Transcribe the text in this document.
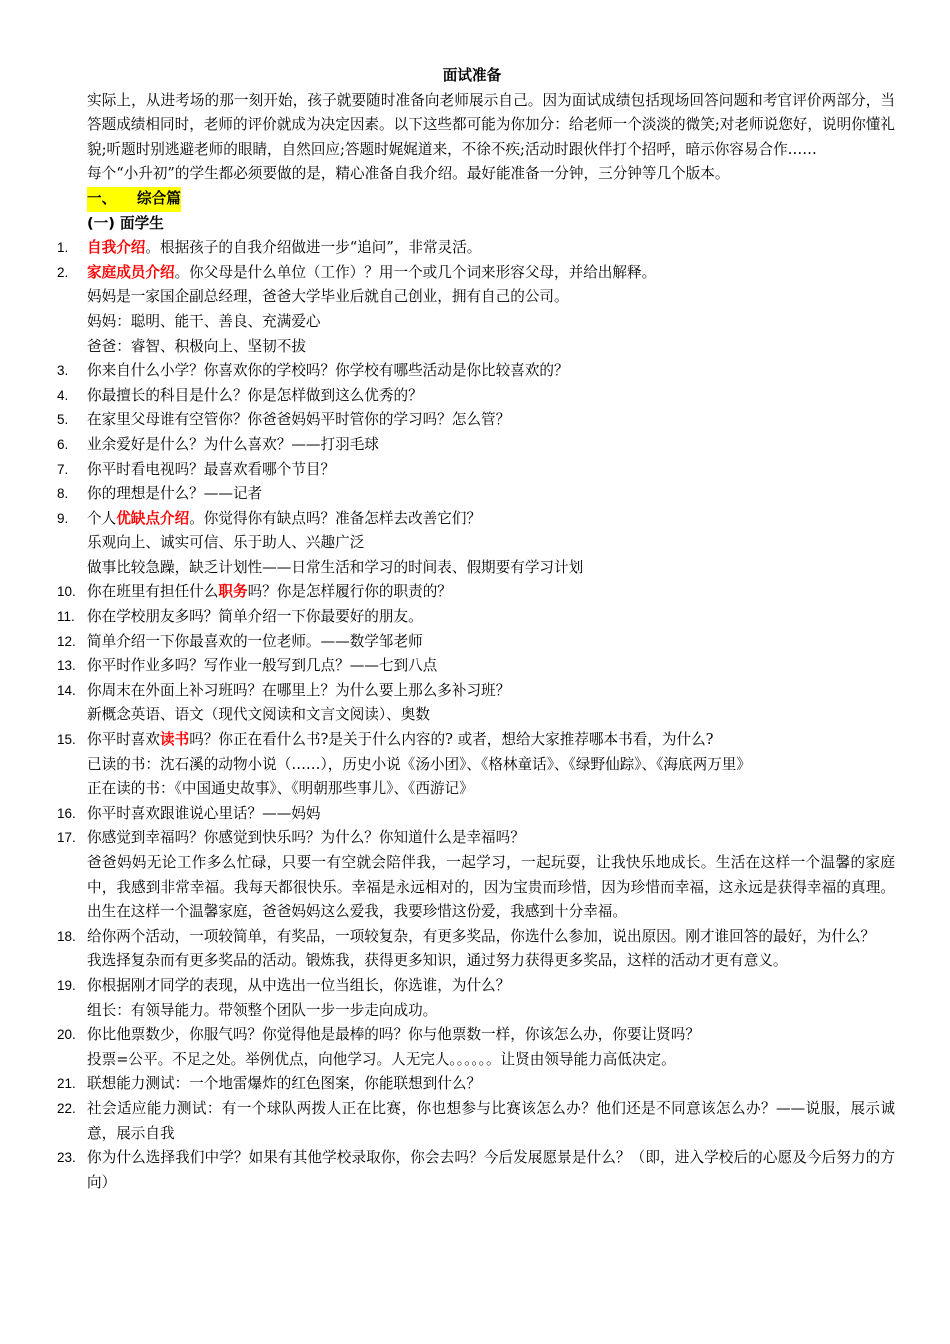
面试准备
实际上，从进考场的那一刻开始，孩子就要随时准备向老师展示自己。因为面试成绩包括现场回答问题和考官评价两部分，当答题成绩相同时，老师的评价就成为决定因素。以下这些都可能为你加分：给老师一个淡淡的微笑;对老师说您好，说明你懂礼貌;听题时别逃避老师的眼睛，自然回应;答题时娓娓道来，不徐不疾;活动时跟伙伴打个招呼，暗示你容易合作……
每个“小升初”的学生都必须要做的是，精心准备自我介绍。最好能准备一分钟，三分钟等几个版本。
一、 综合篇
(一) 面学生
1. 自我介绍。根据孩子的自我介绍做进一步“追问”，非常灵活。
2. 家庭成员介绍。你父母是什么单位（工作）？用一个或几个词来形容父母，并给出解释。
妈妈是一家国企副总经理，爸爸大学毕业后就自己创业，拥有自己的公司。
妈妈：聪明、能干、善良、充满爱心
爸爸：睿智、积极向上、坚韧不拔
3. 你来自什么小学？你喜欢你的学校吗？你学校有哪些活动是你比较喜欢的？
4. 你最擅长的科目是什么？你是怎样做到这么优秀的？
5. 在家里父母谁有空管你？你爸爸妈妈平时管你的学习吗？怎么管？
6. 业余爱好是什么？为什么喜欢？——打羽毛球
7. 你平时看电视吗？最喜欢看哪个节目？
8. 你的理想是什么？——记者
9. 个人优缺点介绍。你觉得你有缺点吗？准备怎样去改善它们？
乐观向上、诚实可信、乐于助人、兴趣广泛
做事比较急躁，缺乏计划性——日常生活和学习的时间表、假期要有学习计划
10. 你在班里有担任什么职务吗？你是怎样履行你的职责的？
11. 你在学校朋友多吗？简单介绍一下你最要好的朋友。
12. 简单介绍一下你最喜欢的一位老师。——数学邹老师
13. 你平时作业多吗？写作业一般写到几点？——七到八点
14. 你周末在外面上补习班吗？在哪里上？为什么要上那么多补习班？
新概念英语、语文（现代文阅读和文言文阅读）、奥数
15. 你平时喜欢读书吗？你正在看什么书?是关于什么内容的? 或者，想给大家推荐哪本书看，为什么?
已读的书：沈石溪的动物小说（……），历史小说《汤小团》、《格林童话》、《绿野仙踪》、《海底两万里》
正在读的书：《中国通史故事》、《明朝那些事儿》、《西游记》
16. 你平时喜欢跟谁说心里话？——妈妈
17. 你感觉到幸福吗？你感觉到快乐吗？为什么？你知道什么是幸福吗？
爸爸妈妈无论工作多么忙碌，只要一有空就会陪伴我，一起学习，一起玩耍，让我快乐地成长。生活在这样一个温馨的家庭中，我感到非常幸福。我每天都很快乐。幸福是永远相对的，因为宝贵而珍惜，因为珍惜而幸福，这永远是获得幸福的真理。出生在这样一个温馨家庭，爸爸妈妈这么爱我，我要珍惜这份爱，我感到十分幸福。
18. 给你两个活动，一项较简单，有奖品，一项较复杂，有更多奖品，你选什么参加，说出原因。刚才谁回答的最好，为什么？
我选择复杂而有更多奖品的活动。锻炼我，获得更多知识，通过努力获得更多奖品，这样的活动才更有意义。
19. 你根据刚才同学的表现，从中选出一位当组长，你选谁，为什么？
组长：有领导能力。带领整个团队一步一步走向成功。
20. 你比他票数少，你服气吗？你觉得他是最棒的吗？你与他票数一样，你该怎么办，你要让贤吗？
投票=公平。不足之处。举例优点，向他学习。人无完人。。。。。。让贤由领导能力高低决定。
21. 联想能力测试：一个地雷爆炸的红色图案，你能联想到什么？
22. 社会适应能力测试：有一个球队两拨人正在比赛，你也想参与比赛该怎么办？他们还是不同意该怎么办？——说服，展示诚意，展示自我
23. 你为什么选择我们中学？如果有其他学校录取你，你会去吗？今后发展愿景是什么？（即，进入学校后的心愿及今后努力的方向）
